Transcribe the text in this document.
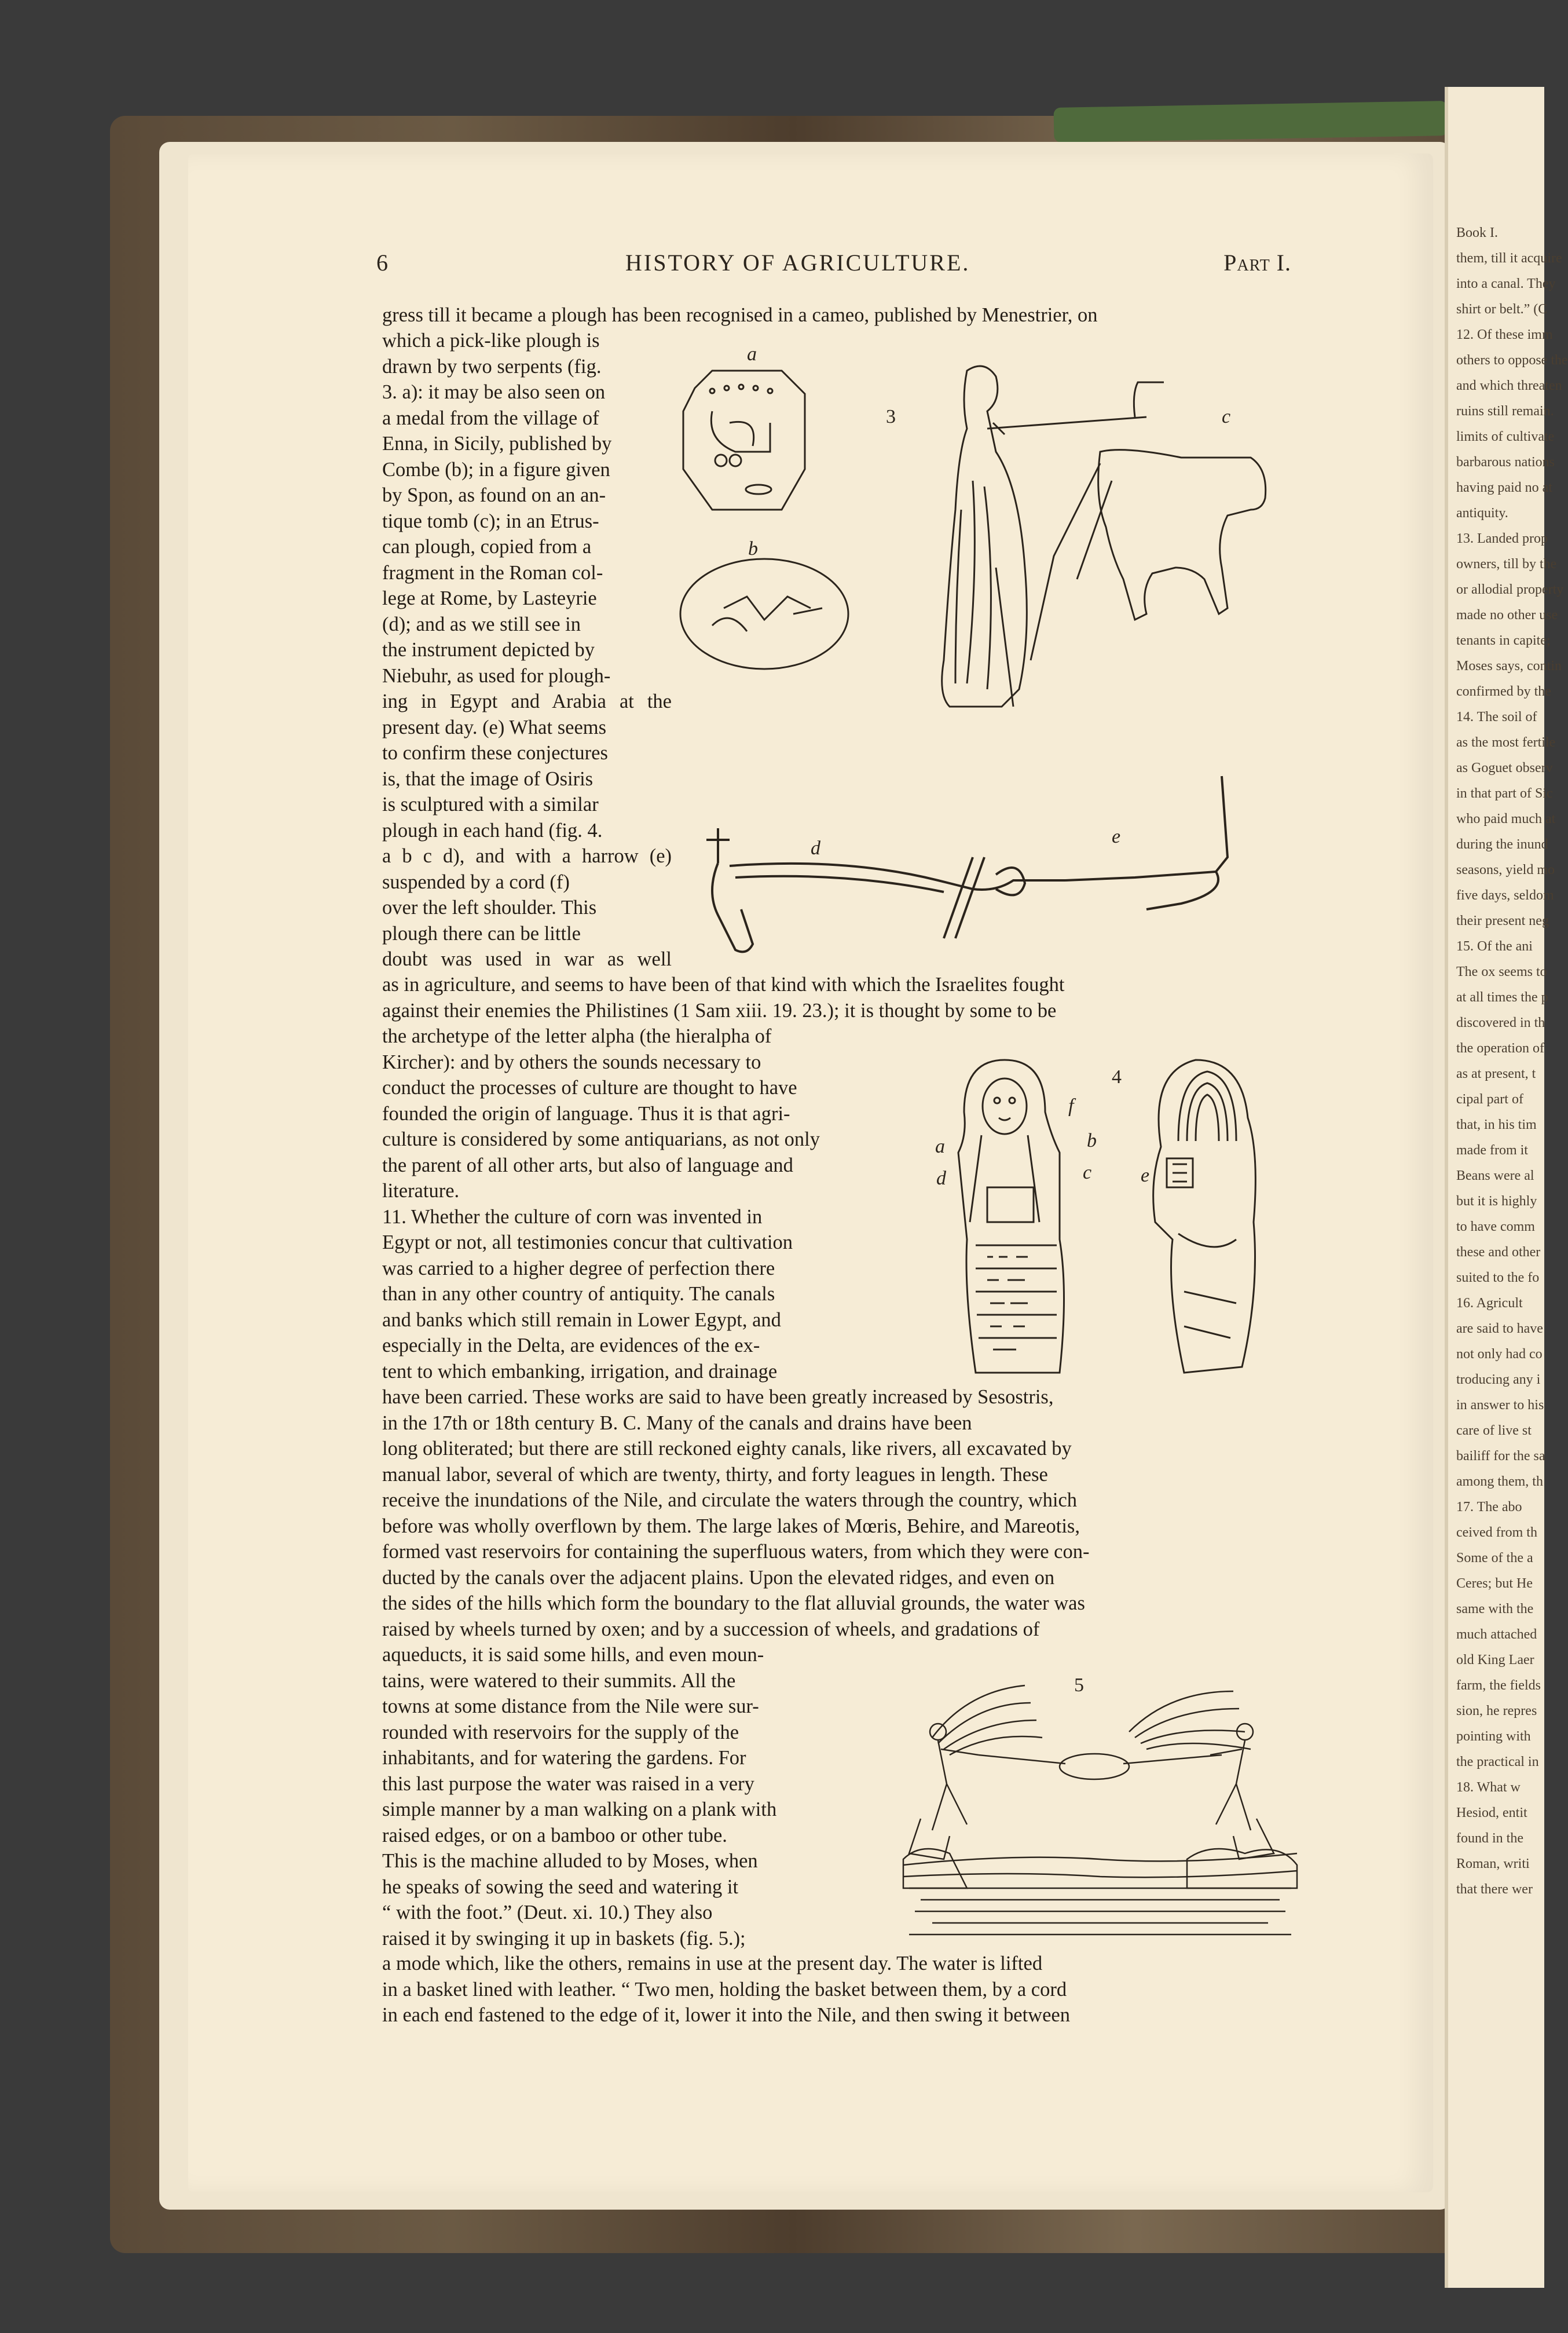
Book I.
them, till it acquire
into a canal. They
shirt or belt.” (C
12. Of these imm
others to oppose the
and which threaten
ruins still remain.
limits of cultivate
barbarous nations
having paid no at
antiquity.
13. Landed prop
owners, till by the
or allodial property
made no other use
tenants in capite;
Moses says, contin
confirmed by the
14. The soil of
as the most fertile
as Goguet observ
in that part of Sic
who paid much at
during the inund
seasons, yield mo
five days, seldom
their present neg
15. Of the ani
The ox seems to
at all times the p
discovered in th
the operation of
as at present, t
cipal part of
that, in his tim
made from it
Beans were al
but it is highly
to have comm
these and other
suited to the fo
16. Agricult
are said to have
not only had co
troducing any i
in answer to his
care of live st
bailiff for the sa
among them, th
17. The abo
ceived from th
Some of the a
Ceres; but He
same with the
much attached
old King Laer
farm, the fields
sion, he repres
pointing with
the practical in
18. What w
Hesiod, entit
found in the
Roman, writi
that there wer
6	HISTORY OF AGRICULTURE.	Part I.
gress till it became a plough has been recognised in a cameo, published by Menestrier, on
which a pick-like plough is
drawn by two serpents (fig.
3. a): it may be also seen on
a medal from the village of
Enna, in Sicily, published by
Combe (b); in a figure given
by Spon, as found on an an-
tique tomb (c); in an Etrus-
can plough, copied from a
fragment in the Roman col-
lege at Rome, by Lasteyrie
(d); and as we still see in
the instrument depicted by
Niebuhr, as used for plough-
ing in Egypt and Arabia at the
present day. (e) What seems
to confirm these conjectures
is, that the image of Osiris
is sculptured with a similar
plough in each hand (fig. 4.
a b c d), and with a harrow (e)
suspended by a cord (f)
over the left shoulder. This
plough there can be little
doubt was used in war as well
as in agriculture, and seems to have been of that kind with which the Israelites fought
against their enemies the Philistines (1 Sam xiii. 19. 23.); it is thought by some to be
the archetype of the letter alpha (the hieralpha of
Kircher): and by others the sounds necessary to
conduct the processes of culture are thought to have
founded the origin of language. Thus it is that agri-
culture is considered by some antiquarians, as not only
the parent of all other arts, but also of language and
literature.
11. Whether the culture of corn was invented in
Egypt or not, all testimonies concur that cultivation
was carried to a higher degree of perfection there
than in any other country of antiquity. The canals
and banks which still remain in Lower Egypt, and
especially in the Delta, are evidences of the ex-
tent to which embanking, irrigation, and drainage
have been carried. These works are said to have been greatly increased by Sesostris,
in the 17th or 18th century B. C. Many of the canals and drains have been
long obliterated; but there are still reckoned eighty canals, like rivers, all excavated by
manual labor, several of which are twenty, thirty, and forty leagues in length. These
receive the inundations of the Nile, and circulate the waters through the country, which
before was wholly overflown by them. The large lakes of Mœris, Behire, and Mareotis,
formed vast reservoirs for containing the superfluous waters, from which they were con-
ducted by the canals over the adjacent plains. Upon the elevated ridges, and even on
the sides of the hills which form the boundary to the flat alluvial grounds, the water was
raised by wheels turned by oxen; and by a succession of wheels, and gradations of
aqueducts, it is said some hills, and even moun-
tains, were watered to their summits. All the
towns at some distance from the Nile were sur-
rounded with reservoirs for the supply of the
inhabitants, and for watering the gardens. For
this last purpose the water was raised in a very
simple manner by a man walking on a plank with
raised edges, or on a bamboo or other tube.
This is the machine alluded to by Moses, when
he speaks of sowing the seed and watering it
“ with the foot.” (Deut. xi. 10.) They also
raised it by swinging it up in baskets (fig. 5.);
a mode which, like the others, remains in use at the present day. The water is lifted
in a basket lined with leather. “ Two men, holding the basket between them, by a cord
in each end fastened to the edge of it, lower it into the Nile, and then swing it between
a
b
3	c
d
e
4
a	b
c
d	e
f
5
